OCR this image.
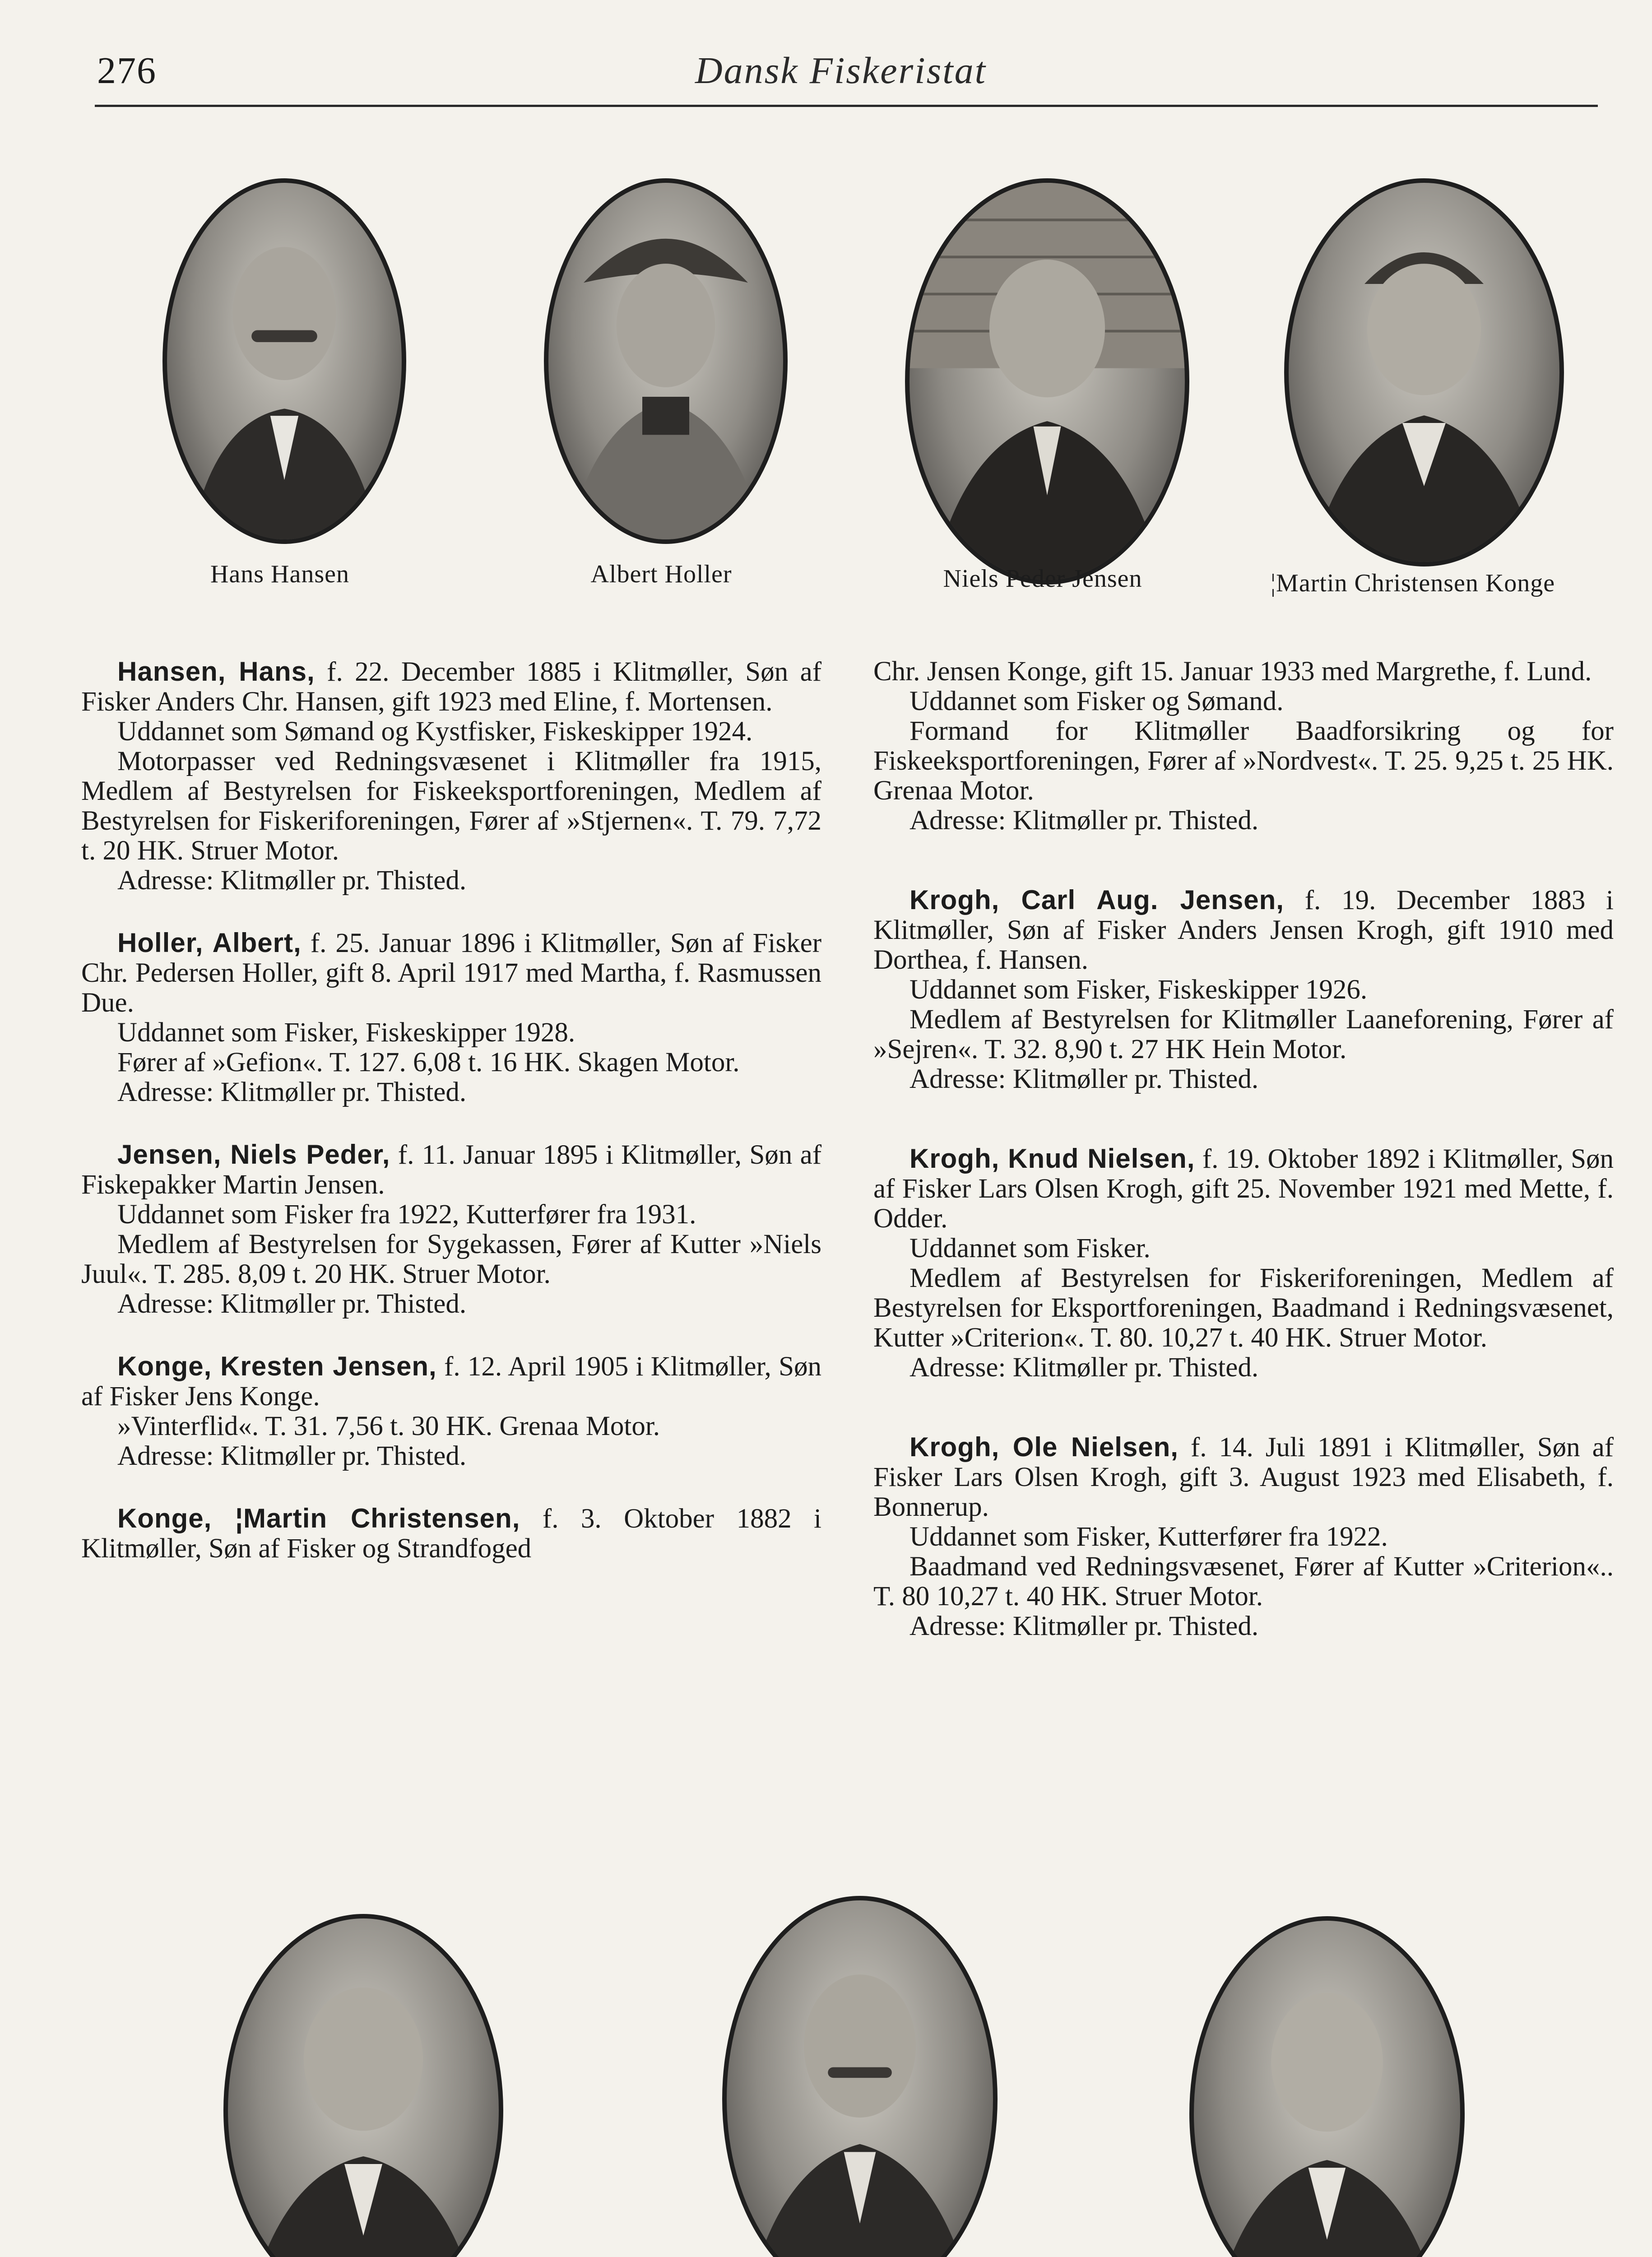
276	Dansk Fiskeristat
Hans Hansen	Albert Holler	Niels Peder Jensen	¦Martin Christensen Konge

Hansen, Hans, f. 22. December 1885 i Klitmøller, Søn af Fisker Anders Chr. Hansen, gift 1923 med Eline, f. Mortensen.

Uddannet som Sømand og Kystfisker, Fiskeskipper 1924.

Motorpasser ved Redningsvæsenet i Klitmøller fra 1915, Medlem af Bestyrelsen for Fiskeeksportforeningen, Medlem af Bestyrelsen for Fiskeriforeningen, Fører af »Stjernen«. T. 79. 7,72 t. 20 HK. Struer Motor.

Adresse: Klitmøller pr. Thisted.

Holler, Albert, f. 25. Januar 1896 i Klitmøller, Søn af Fisker Chr. Pedersen Holler, gift 8. April 1917 med Martha, f. Rasmussen Due.

Uddannet som Fisker, Fiskeskipper 1928.

Fører af »Gefion«. T. 127. 6,08 t. 16 HK. Skagen Motor.

Adresse: Klitmøller pr. Thisted.

Jensen, Niels Peder, f. 11. Januar 1895 i Klitmøller, Søn af Fiskepakker Martin Jensen.

Uddannet som Fisker fra 1922, Kutterfører fra 1931.

Medlem af Bestyrelsen for Sygekassen, Fører af Kutter »Niels Juul«. T. 285. 8,09 t. 20 HK. Struer Motor.

Adresse: Klitmøller pr. Thisted.

Konge, Kresten Jensen, f. 12. April 1905 i Klitmøller, Søn af Fisker Jens Konge.

»Vinterflid«. T. 31. 7,56 t. 30 HK. Grenaa Motor.

Adresse: Klitmøller pr. Thisted.

Konge, ¦Martin Christensen, f. 3. Oktober 1882 i Klitmøller, Søn af Fisker og Strandfoged

Chr. Jensen Konge, gift 15. Januar 1933 med Margrethe, f. Lund.

Uddannet som Fisker og Sømand.

Formand for Klitmøller Baadforsikring og for Fiskeeksportforeningen, Fører af »Nordvest«. T. 25. 9,25 t. 25 HK. Grenaa Motor.

Adresse: Klitmøller pr. Thisted.

Krogh, Carl Aug. Jensen, f. 19. December 1883 i Klitmøller, Søn af Fisker Anders Jensen Krogh, gift 1910 med Dorthea, f. Hansen.

Uddannet som Fisker, Fiskeskipper 1926.

Medlem af Bestyrelsen for Klitmøller Laaneforening, Fører af »Sejren«. T. 32. 8,90 t. 27 HK Hein Motor.

Adresse: Klitmøller pr. Thisted.

Krogh, Knud Nielsen, f. 19. Oktober 1892 i Klitmøller, Søn af Fisker Lars Olsen Krogh, gift 25. November 1921 med Mette, f. Odder.

Uddannet som Fisker.

Medlem af Bestyrelsen for Fiskeriforeningen, Medlem af Bestyrelsen for Eksportforeningen, Baadmand i Redningsvæsenet, Kutter »Criterion«. T. 80. 10,27 t. 40 HK. Struer Motor.

Adresse: Klitmøller pr. Thisted.

Krogh, Ole Nielsen, f. 14. Juli 1891 i Klitmøller, Søn af Fisker Lars Olsen Krogh, gift 3. August 1923 med Elisabeth, f. Bonnerup.

Uddannet som Fisker, Kutterfører fra 1922.

Baadmand ved Redningsvæsenet, Fører af Kutter »Criterion«.. T. 80 10,27 t. 40 HK. Struer Motor.

Adresse: Klitmøller pr. Thisted.
